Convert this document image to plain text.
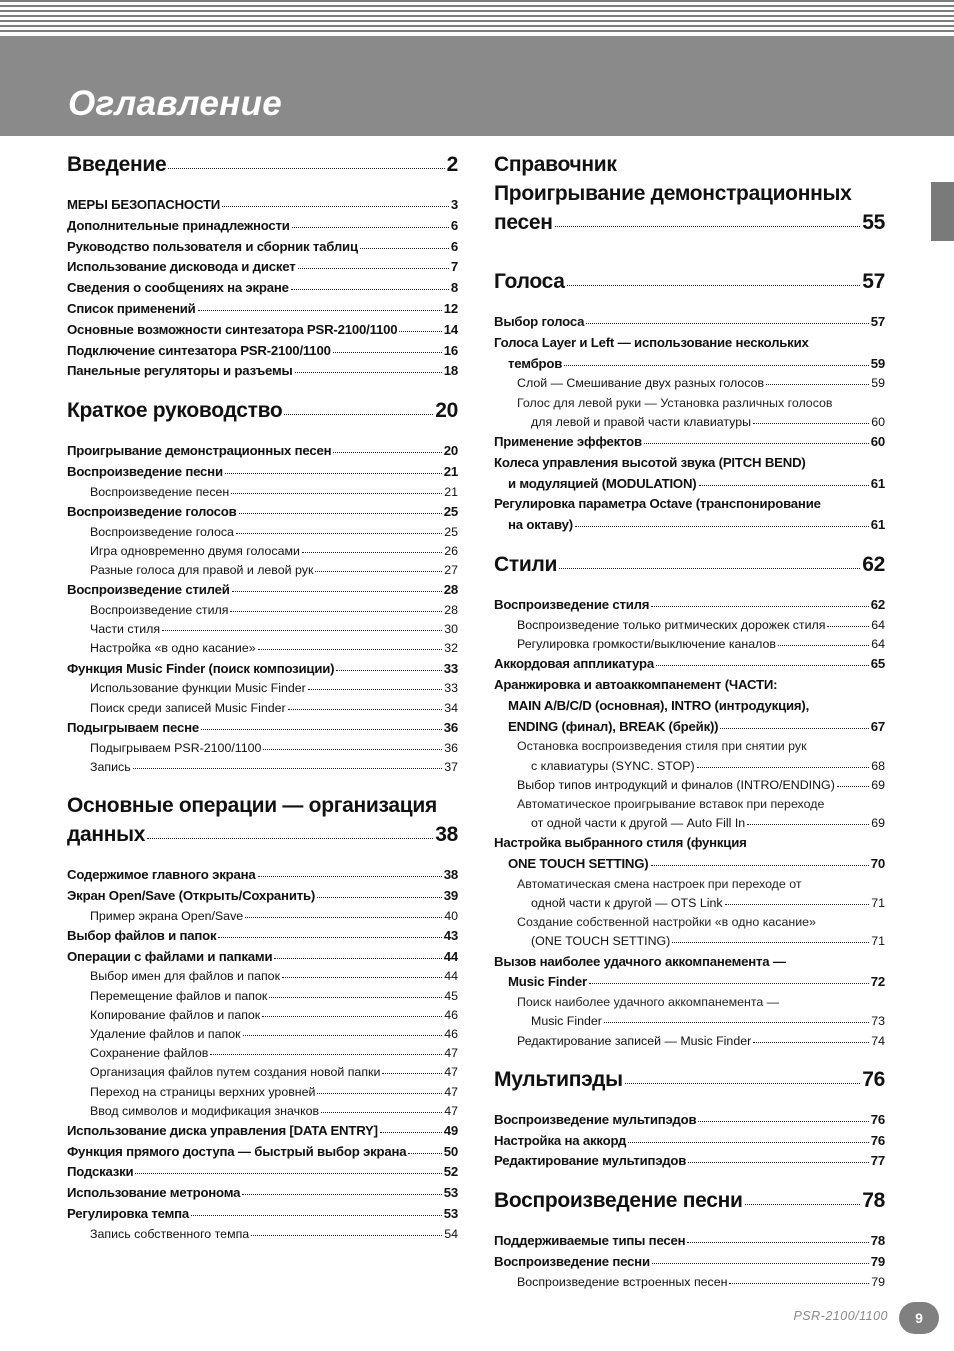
Оглавление
Введение	2
МЕРЫ БЕЗОПАСНОСТИ	3
Дополнительные принадлежности	6
Руководство пользователя и сборник таблиц	6
Использование дисковода и дискет	7
Сведения о сообщениях на экране	8
Список применений	12
Основные возможности синтезатора PSR-2100/1100	14
Подключение синтезатора PSR-2100/1100	16
Панельные регуляторы и разъемы	18
Краткое руководство	20
Проигрывание демонстрационных песен	20
Воспроизведение песни	21
Воспроизведение песен	21
Воспроизведение голосов	25
Воспроизведение голоса	25
Игра одновременно двумя голосами	26
Разные голоса для правой и левой рук	27
Воспроизведение стилей	28
Воспроизведение стиля	28
Части стиля	30
Настройка «в одно касание»	32
Функция Music Finder (поиск композиции)	33
Использование функции Music Finder	33
Поиск среди записей Music Finder	34
Подыгрываем песне	36
Подыгрываем PSR-2100/1100	36
Запись	37
Основные операции — организация
данных	38
Содержимое главного экрана	38
Экран Open/Save (Открыть/Сохранить)	39
Пример экрана Open/Save	40
Выбор файлов и папок	43
Операции с файлами и папками	44
Выбор имен для файлов и папок	44
Перемещение файлов и папок	45
Копирование файлов и папок	46
Удаление файлов и папок	46
Сохранение файлов	47
Организация файлов путем создания новой папки	47
Переход на страницы верхних уровней	47
Ввод символов и модификация значков	47
Использование диска управления [DATA ENTRY]	49
Функция прямого доступа — быстрый выбор экрана	50
Подсказки	52
Использование метронома	53
Регулировка темпа	53
Запись собственного темпа	54
Справочник
Проигрывание демонстрационных
песен	55
Голоса	57
Выбор голоса	57
Голоса Layer и Left — использование нескольких
тембров	59
Слой — Смешивание двух разных голосов	59
Голос для левой руки — Установка различных голосов
для левой и правой части клавиатуры	60
Применение эффектов	60
Колеса управления высотой звука (PITCH BEND)
и модуляцией (MODULATION)	61
Регулировка параметра Octave (транспонирование
на октаву)	61
Стили	62
Воспроизведение стиля	62
Воспроизведение только ритмических дорожек стиля	64
Регулировка громкости/выключение каналов	64
Аккордовая аппликатура	65
Аранжировка и автоаккомпанемент (ЧАСТИ:
MAIN A/B/C/D (основная), INTRO (интродукция),
ENDING (финал), BREAK (брейк))	67
Остановка воспроизведения стиля при снятии рук
с клавиатуры (SYNC. STOP)	68
Выбор типов интродукций и финалов (INTRO/ENDING)	69
Автоматическое проигрывание вставок при переходе
от одной части к другой — Auto Fill In	69
Настройка выбранного стиля (функция
ONE TOUCH SETTING)	70
Автоматическая смена настроек при переходе от
одной части к другой — OTS Link	71
Создание собственной настройки «в одно касание»
(ONE TOUCH SETTING)	71
Вызов наиболее удачного аккомпанемента —
Music Finder	72
Поиск наиболее удачного аккомпанемента —
Music Finder	73
Редактирование записей — Music Finder	74
Мультипэды	76
Воспроизведение мультипэдов	76
Настройка на аккорд	76
Редактирование мультипэдов	77
Воспроизведение песни	78
Поддерживаемые типы песен	78
Воспроизведение песни	79
Воспроизведение встроенных песен	79
PSR-2100/1100	9
